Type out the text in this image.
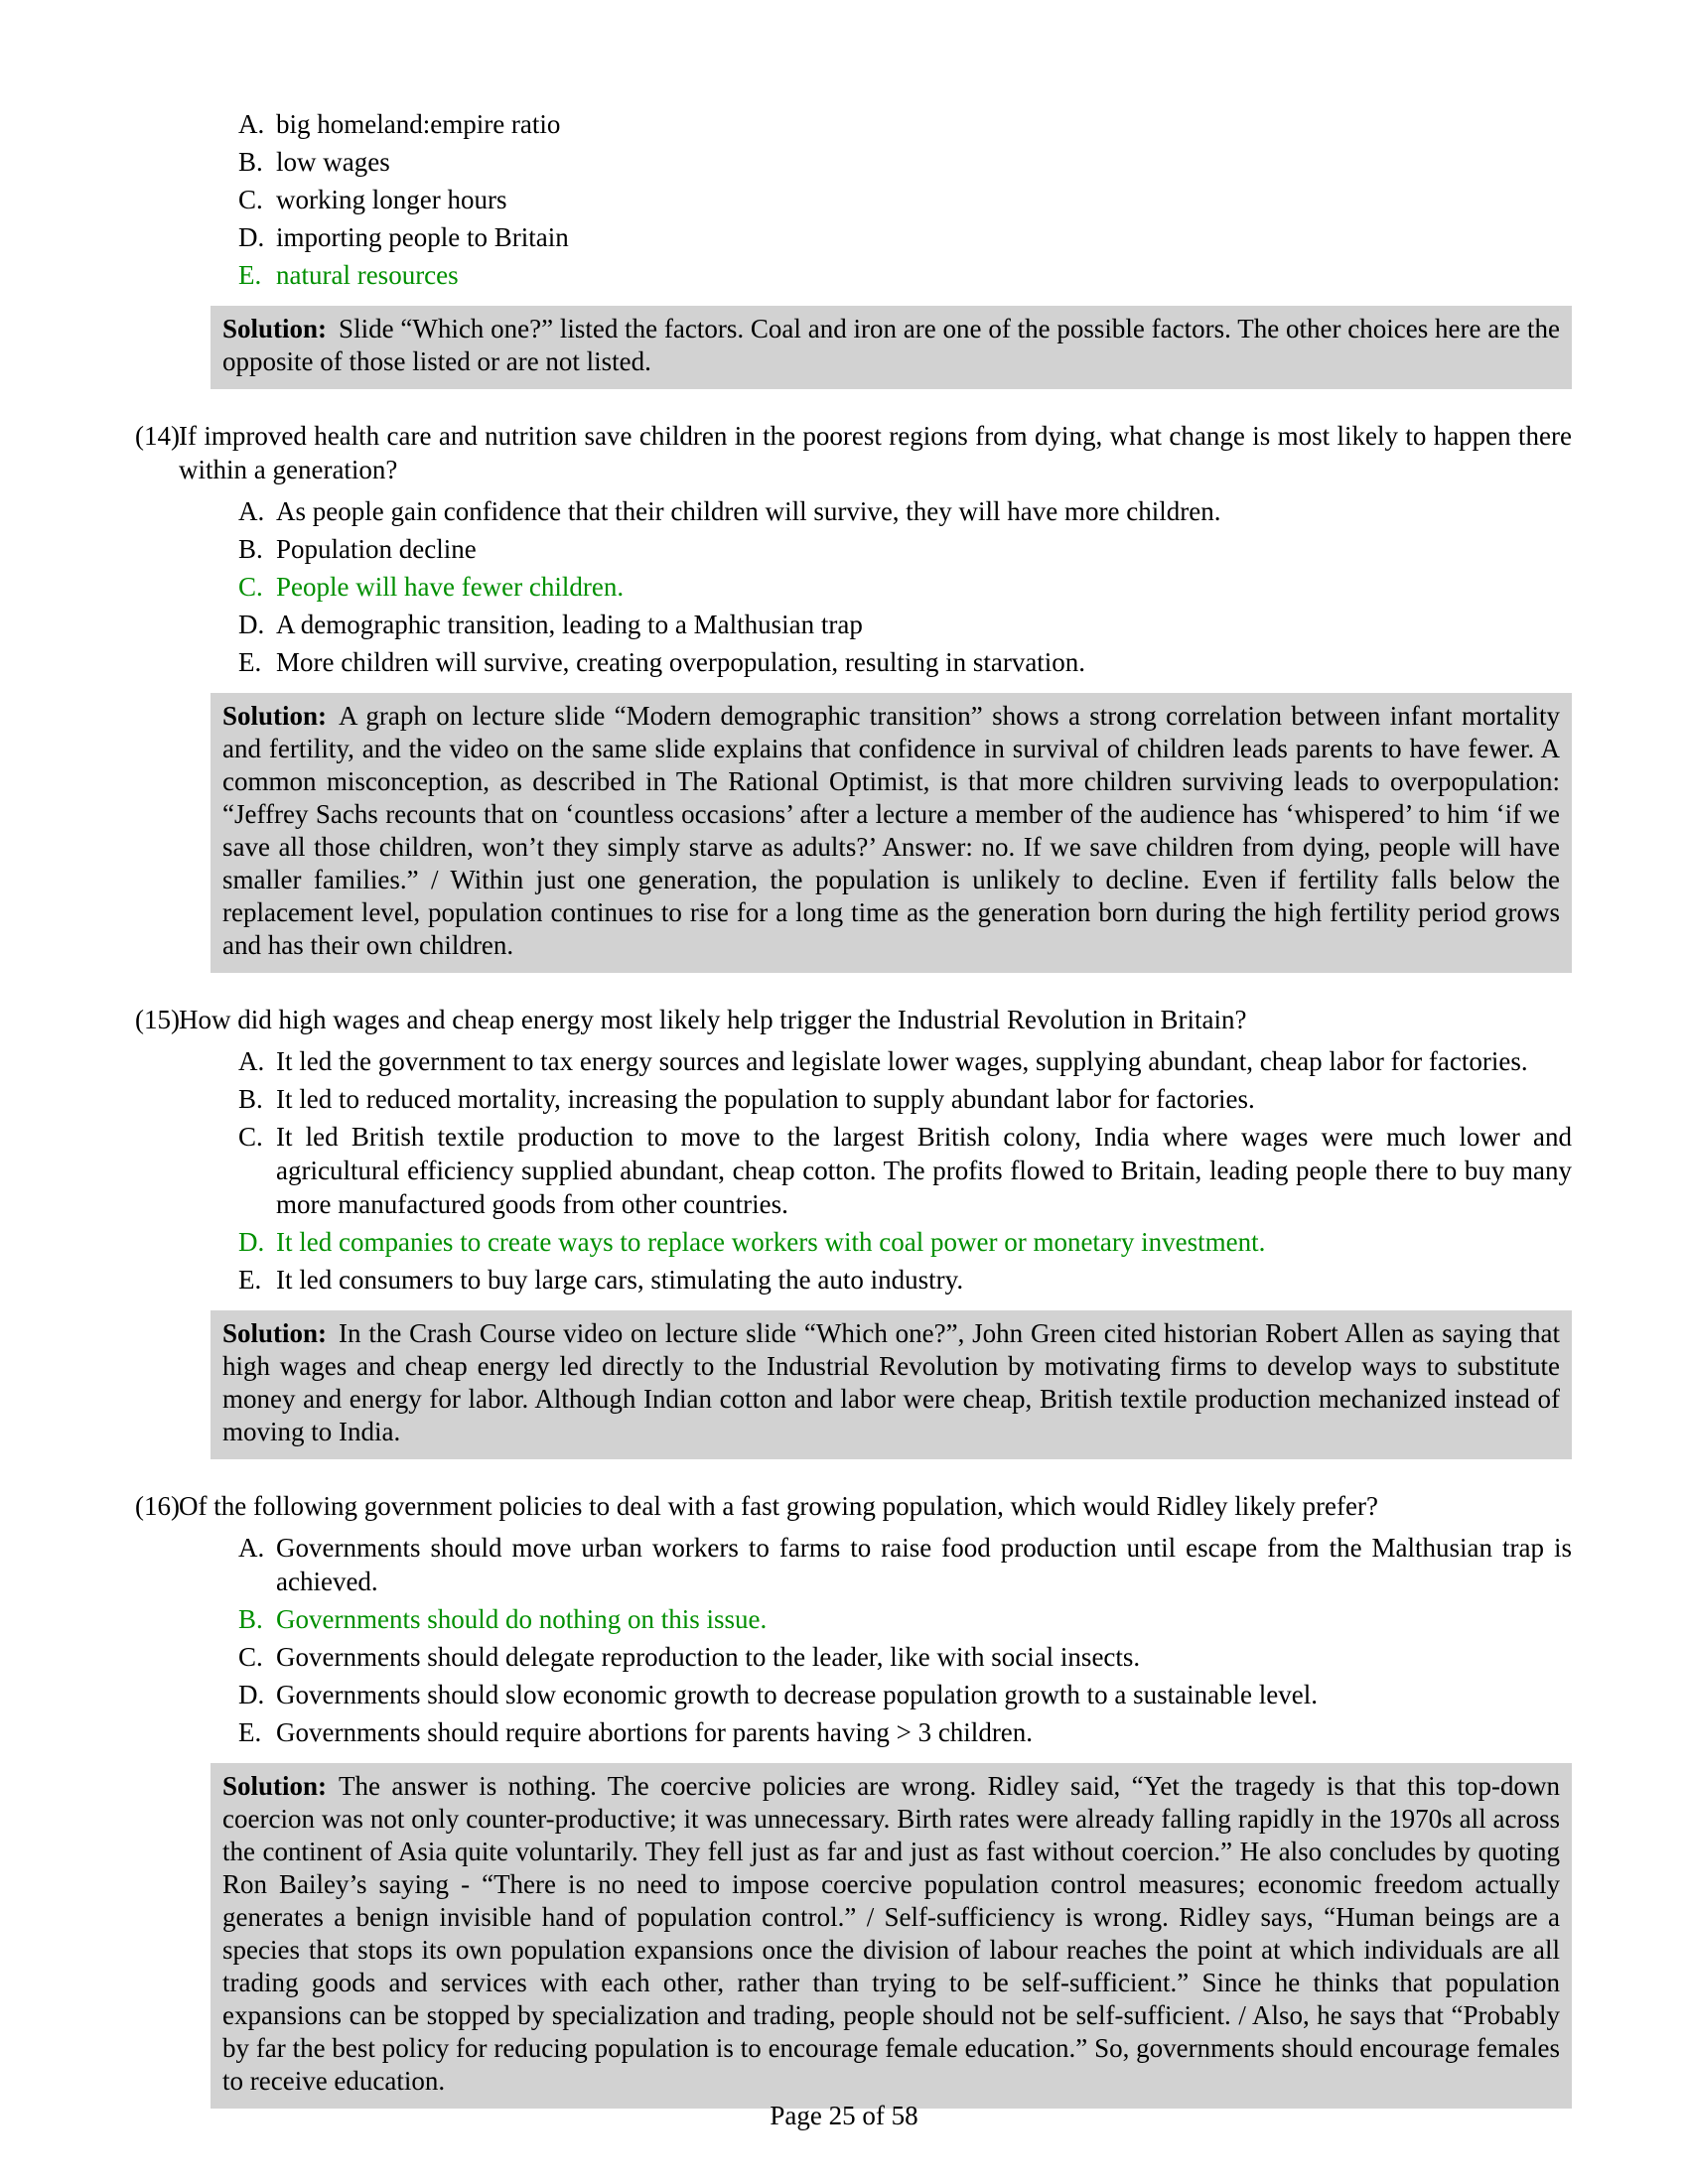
A. big homeland:empire ratio
B. low wages
C. working longer hours
D. importing people to Britain
E. natural resources
Solution: Slide “Which one?” listed the factors. Coal and iron are one of the possible factors. The other choices here are the opposite of those listed or are not listed.
(14) If improved health care and nutrition save children in the poorest regions from dying, what change is most likely to happen there within a generation?
A. As people gain confidence that their children will survive, they will have more children.
B. Population decline
C. People will have fewer children.
D. A demographic transition, leading to a Malthusian trap
E. More children will survive, creating overpopulation, resulting in starvation.
Solution: A graph on lecture slide “Modern demographic transition” shows a strong correlation between infant mortality and fertility, and the video on the same slide explains that confidence in survival of children leads parents to have fewer. A common misconception, as described in The Rational Optimist, is that more children surviving leads to overpopulation: “Jeffrey Sachs recounts that on ‘countless occasions’ after a lecture a member of the audience has ‘whispered’ to him ‘if we save all those children, won’t they simply starve as adults?’ Answer: no. If we save children from dying, people will have smaller families.” / Within just one generation, the population is unlikely to decline. Even if fertility falls below the replacement level, population continues to rise for a long time as the generation born during the high fertility period grows and has their own children.
(15) How did high wages and cheap energy most likely help trigger the Industrial Revolution in Britain?
A. It led the government to tax energy sources and legislate lower wages, supplying abundant, cheap labor for factories.
B. It led to reduced mortality, increasing the population to supply abundant labor for factories.
C. It led British textile production to move to the largest British colony, India where wages were much lower and agricultural efficiency supplied abundant, cheap cotton. The profits flowed to Britain, leading people there to buy many more manufactured goods from other countries.
D. It led companies to create ways to replace workers with coal power or monetary investment.
E. It led consumers to buy large cars, stimulating the auto industry.
Solution: In the Crash Course video on lecture slide “Which one?”, John Green cited historian Robert Allen as saying that high wages and cheap energy led directly to the Industrial Revolution by motivating firms to develop ways to substitute money and energy for labor. Although Indian cotton and labor were cheap, British textile production mechanized instead of moving to India.
(16) Of the following government policies to deal with a fast growing population, which would Ridley likely prefer?
A. Governments should move urban workers to farms to raise food production until escape from the Malthusian trap is achieved.
B. Governments should do nothing on this issue.
C. Governments should delegate reproduction to the leader, like with social insects.
D. Governments should slow economic growth to decrease population growth to a sustainable level.
E. Governments should require abortions for parents having > 3 children.
Solution: The answer is nothing. The coercive policies are wrong. Ridley said, “Yet the tragedy is that this top-down coercion was not only counter-productive; it was unnecessary. Birth rates were already falling rapidly in the 1970s all across the continent of Asia quite voluntarily. They fell just as far and just as fast without coercion.” He also concludes by quoting Ron Bailey’s saying - “There is no need to impose coercive population control measures; economic freedom actually generates a benign invisible hand of population control.” / Self-sufficiency is wrong. Ridley says, “Human beings are a species that stops its own population expansions once the division of labour reaches the point at which individuals are all trading goods and services with each other, rather than trying to be self-sufficient.” Since he thinks that population expansions can be stopped by specialization and trading, people should not be self-sufficient. / Also, he says that “Probably by far the best policy for reducing population is to encourage female education.” So, governments should encourage females to receive education.
Page 25 of 58
